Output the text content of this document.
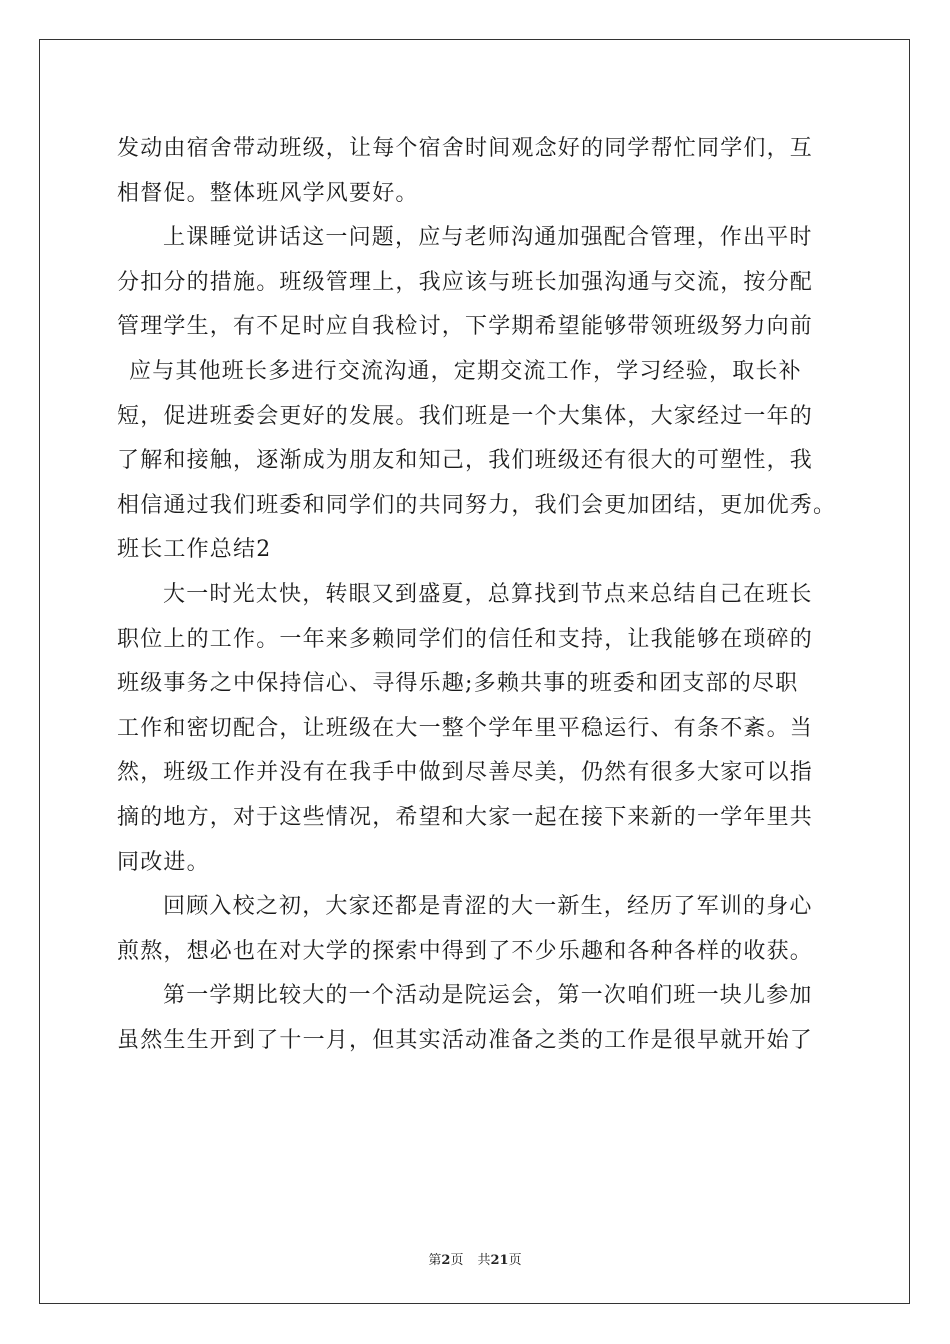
发动由宿舍带动班级，让每个宿舍时间观念好的同学帮忙同学们，互
相督促。整体班风学风要好。
上课睡觉讲话这一问题，应与老师沟通加强配合管理，作出平时
分扣分的措施。班级管理上，我应该与班长加强沟通与交流，按分配
管理学生，有不足时应自我检讨，下学期希望能够带领班级努力向前
应与其他班长多进行交流沟通，定期交流工作，学习经验，取长补
短，促进班委会更好的发展。我们班是一个大集体，大家经过一年的
了解和接触，逐渐成为朋友和知己，我们班级还有很大的可塑性，我
相信通过我们班委和同学们的共同努力，我们会更加团结，更加优秀。
班长工作总结2
大一时光太快，转眼又到盛夏，总算找到节点来总结自己在班长
职位上的工作。一年来多赖同学们的信任和支持，让我能够在琐碎的
班级事务之中保持信心、寻得乐趣;多赖共事的班委和团支部的尽职
工作和密切配合，让班级在大一整个学年里平稳运行、有条不紊。当
然，班级工作并没有在我手中做到尽善尽美，仍然有很多大家可以指
摘的地方，对于这些情况，希望和大家一起在接下来新的一学年里共
同改进。
回顾入校之初，大家还都是青涩的大一新生，经历了军训的身心
煎熬，想必也在对大学的探索中得到了不少乐趣和各种各样的收获。
第一学期比较大的一个活动是院运会，第一次咱们班一块儿参加
虽然生生开到了十一月，但其实活动准备之类的工作是很早就开始了
第2页 共21页
